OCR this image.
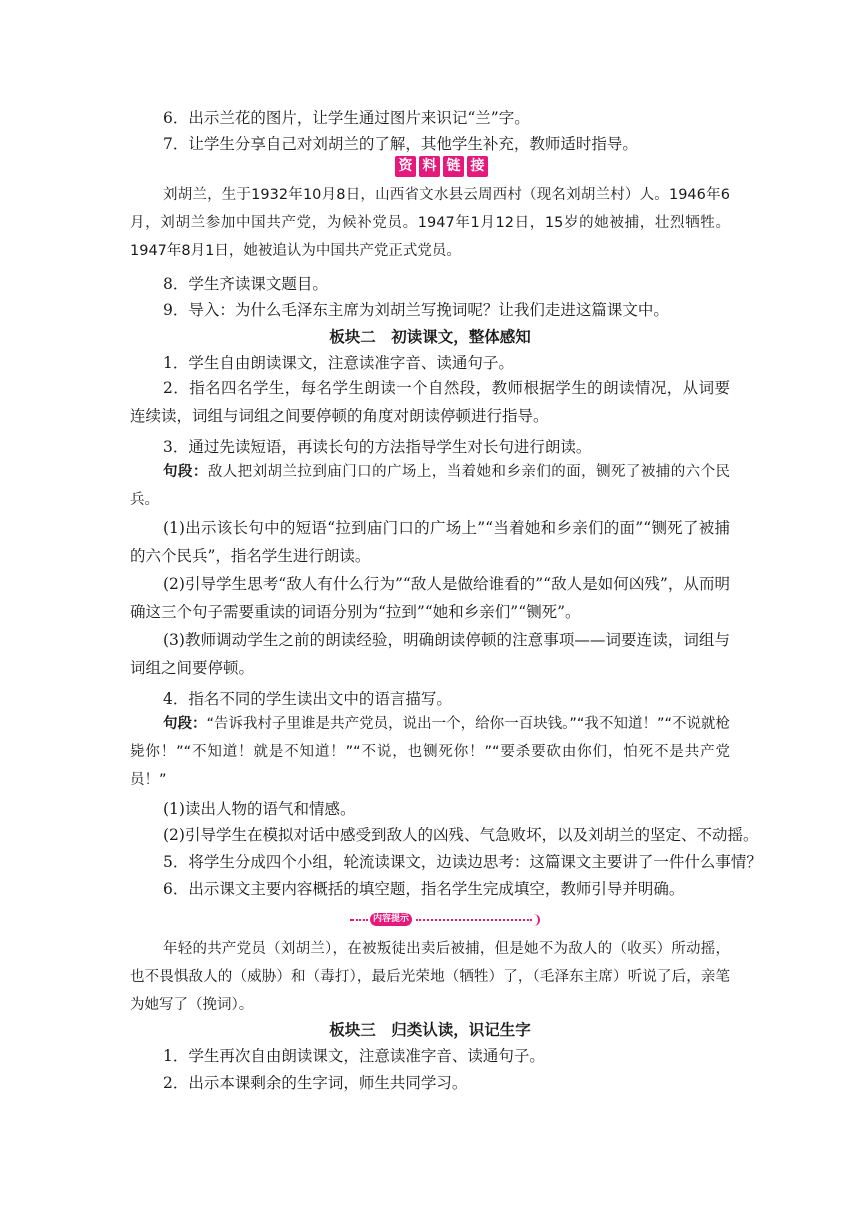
6．出示兰花的图片，让学生通过图片来识记“兰”字。
7．让学生分享自己对刘胡兰的了解，其他学生补充，教师适时指导。
资 料 链 接
刘胡兰，生于1932年10月8日，山西省文水县云周西村（现名刘胡兰村）人。1946年6月，刘胡兰参加中国共产党，为候补党员。1947年1月12日，15岁的她被捕，壮烈牺牲。1947年8月1日，她被追认为中国共产党正式党员。
8．学生齐读课文题目。
9．导入：为什么毛泽东主席为刘胡兰写挽词呢？让我们走进这篇课文中。
板块二　初读课文，整体感知
1．学生自由朗读课文，注意读准字音、读通句子。
2．指名四名学生，每名学生朗读一个自然段，教师根据学生的朗读情况，从词要连续读，词组与词组之间要停顿的角度对朗读停顿进行指导。
3．通过先读短语，再读长句的方法指导学生对长句进行朗读。
句段：敌人把刘胡兰拉到庙门口的广场上，当着她和乡亲们的面，铡死了被捕的六个民兵。
(1)出示该长句中的短语“拉到庙门口的广场上”“当着她和乡亲们的面”“铡死了被捕的六个民兵”，指名学生进行朗读。
(2)引导学生思考“敌人有什么行为”“敌人是做给谁看的”“敌人是如何凶残”，从而明确这三个句子需要重读的词语分别为“拉到”“她和乡亲们”“铡死”。
(3)教师调动学生之前的朗读经验，明确朗读停顿的注意事项——词要连读，词组与词组之间要停顿。
4．指名不同的学生读出文中的语言描写。
句段：“告诉我村子里谁是共产党员，说出一个，给你一百块钱。”“我不知道！”“不说就枪毙你！”“不知道！就是不知道！”“不说，也铡死你！”“要杀要砍由你们，怕死不是共产党员！”
(1)读出人物的语气和情感。
(2)引导学生在模拟对话中感受到敌人的凶残、气急败坏，以及刘胡兰的坚定、不动摇。
5．将学生分成四个小组，轮流读课文，边读边思考：这篇课文主要讲了一件什么事情？
6．出示课文主要内容概括的填空题，指名学生完成填空，教师引导并明确。
内容提示
年轻的共产党员（刘胡兰），在被叛徒出卖后被捕，但是她不为敌人的（收买）所动摇，也不畏惧敌人的（威胁）和（毒打），最后光荣地（牺牲）了，（毛泽东主席）听说了后，亲笔为她写了（挽词）。
板块三　归类认读，识记生字
1．学生再次自由朗读课文，注意读准字音、读通句子。
2．出示本课剩余的生字词，师生共同学习。
